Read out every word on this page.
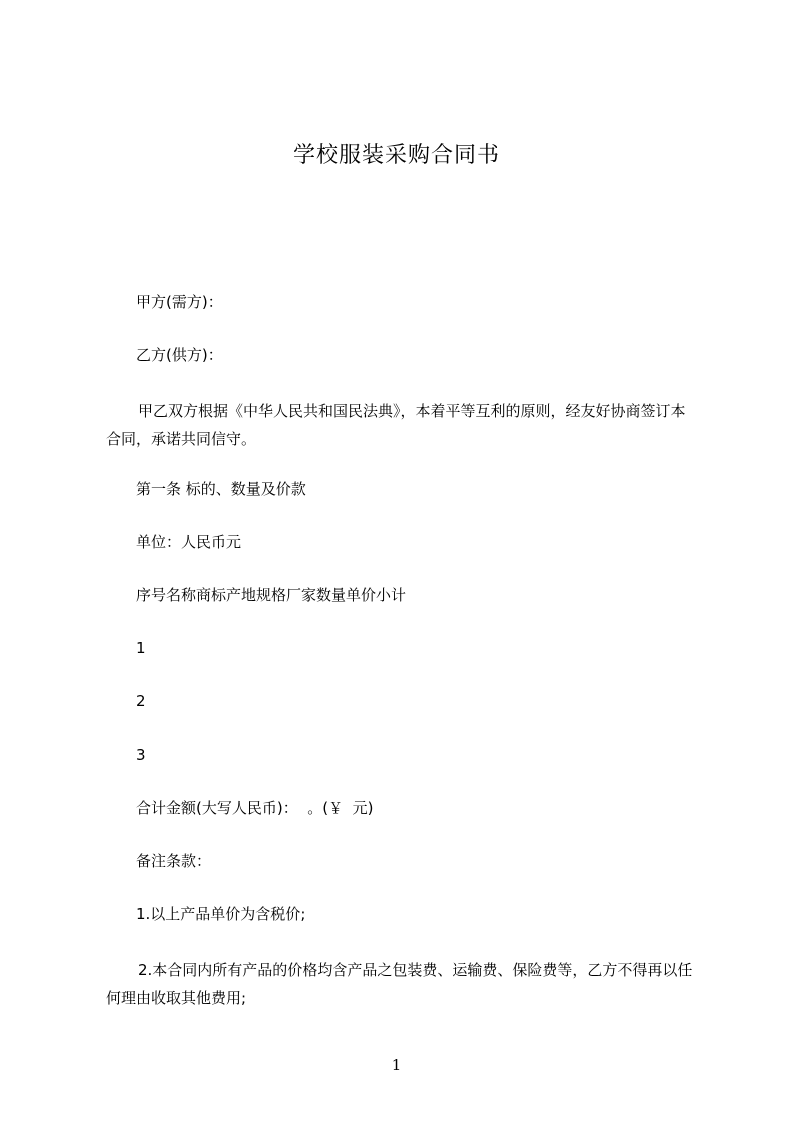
学校服装采购合同书
甲方(需方)：
乙方(供方)：
甲乙双方根据《中华人民共和国民法典》，本着平等互利的原则，经友好协商签订本合同，承诺共同信守。
第一条 标的、数量及价款
单位：人民币元
序号名称商标产地规格厂家数量单价小计
1
2
3
合计金额(大写人民币)：  。(￥  元)
备注条款：
1.以上产品单价为含税价;
2.本合同内所有产品的价格均含产品之包装费、运输费、保险费等，乙方不得再以任何理由收取其他费用;
1
